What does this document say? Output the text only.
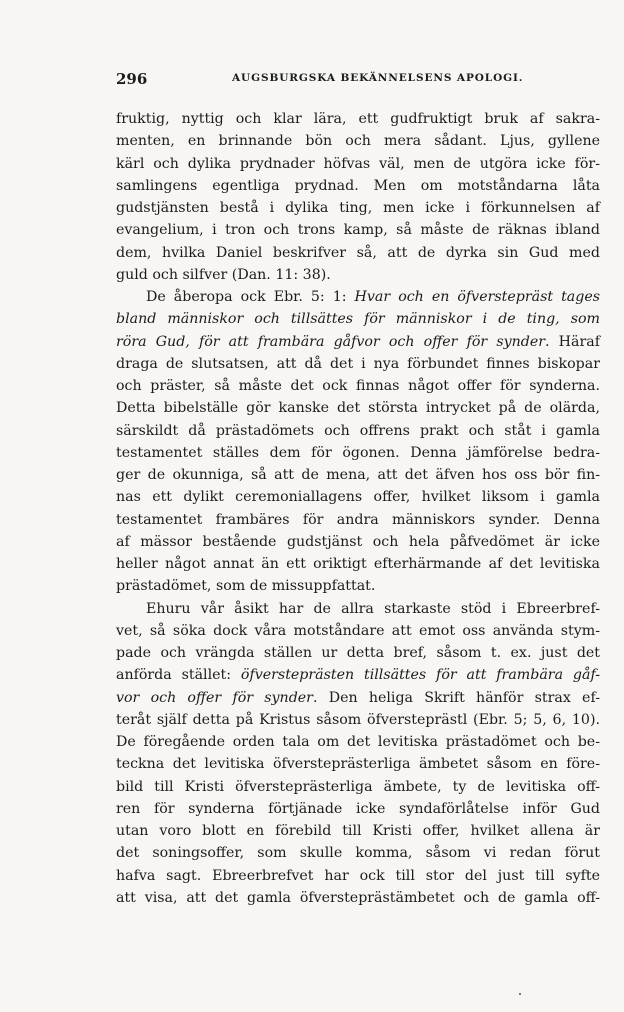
296	AUGSBURGSKA BEKÄNNELSENS APOLOGI.
fruktig, nyttig och klar lära, ett gudfruktigt bruk af sakra-
menten, en brinnande bön och mera sådant. Ljus, gyllene
kärl och dylika prydnader höfvas väl, men de utgöra icke för-
samlingens egentliga prydnad. Men om motståndarna låta
gudstjänsten bestå i dylika ting, men icke i förkunnelsen af
evangelium, i tron och trons kamp, så måste de räknas ibland
dem, hvilka Daniel beskrifver så, att de dyrka sin Gud med
guld och silfver (Dan. 11: 38).
De åberopa ock Ebr. 5: 1: Hvar och en öfverstepräst tages
bland människor och tillsättes för människor i de ting, som
röra Gud, för att frambära gåfvor och offer för synder. Häraf
draga de slutsatsen, att då det i nya förbundet finnes biskopar
och präster, så måste det ock finnas något offer för synderna.
Detta bibelställe gör kanske det största intrycket på de olärda,
särskildt då prästadömets och offrens prakt och ståt i gamla
testamentet ställes dem för ögonen. Denna jämförelse bedra-
ger de okunniga, så att de mena, att det äfven hos oss bör fin-
nas ett dylikt ceremoniallagens offer, hvilket liksom i gamla
testamentet frambäres för andra människors synder. Denna
af mässor bestående gudstjänst och hela påfvedömet är icke
heller något annat än ett oriktigt efterhärmande af det levitiska
prästadömet, som de missuppfattat.
Ehuru vår åsikt har de allra starkaste stöd i Ebreerbref-
vet, så söka dock våra motståndare att emot oss använda stym-
pade och vrängda ställen ur detta bref, såsom t. ex. just det
anförda stället: öfversteprästen tillsättes för att frambära gåf-
vor och offer för synder. Den heliga Skrift hänför strax ef-
teråt själf detta på Kristus såsom öfversteprästl (Ebr. 5; 5, 6, 10).
De föregående orden tala om det levitiska prästadömet och be-
teckna det levitiska öfversteprästerliga ämbetet såsom en före-
bild till Kristi öfversteprästerliga ämbete, ty de levitiska off-
ren för synderna förtjänade icke syndaförlåtelse inför Gud
utan voro blott en förebild till Kristi offer, hvilket allena är
det soningsoffer, som skulle komma, såsom vi redan förut
hafva sagt. Ebreerbrefvet har ock till stor del just till syfte
att visa, att det gamla öfversteprästämbetet och de gamla off-
